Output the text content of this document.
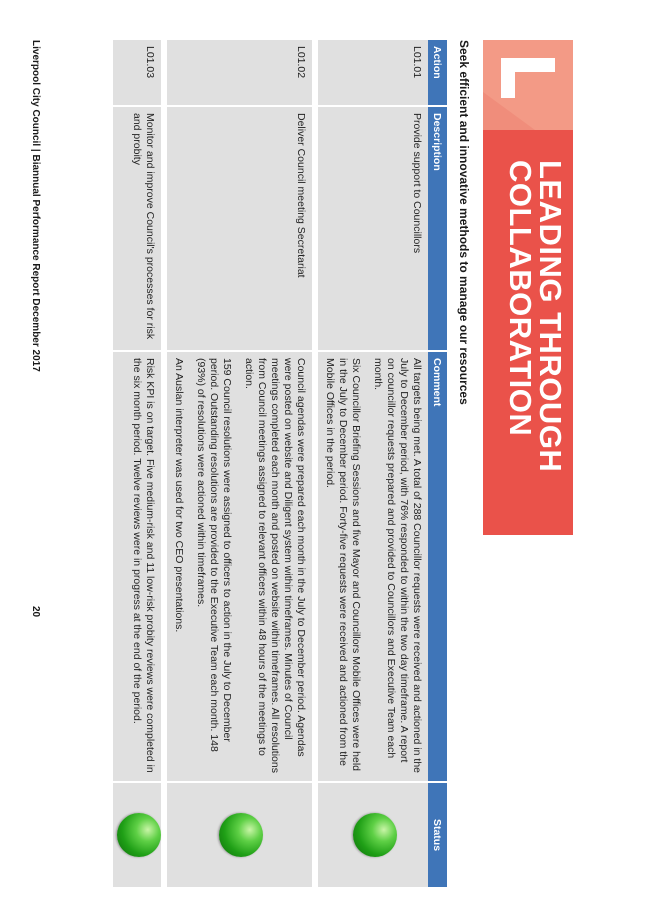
LEADING THROUGH
COLLABORATION
Seek efficient and innovative methods to manage our resources
Action	Description	Comment	Status
L01.01	Provide support to Councillors	All targets being met. A total of 288 Councillor requests were received and actioned in the July to December period, with 76% responded to within the two day timeframe. A report on councillor requests prepared and provided to Councillors and Executive Team each month.

Six Councillor Briefing Sessions and five Mayor and Councillors Mobile Offices were held in the July to December period. Forty-five requests were received and actioned from the Mobile Offices in the period.	

L01.02	Deliver Council meeting Secretariat	Council agendas were prepared each month in the July to December period. Agendas were posted on website and Diligent system within timeframes. Minutes of Council meetings completed each month and posted on website within timeframes. All resolutions from Council meetings assigned to relevant officers within 48 hours of the meetings to action.

159 Council resolutions were assigned to officers to action in the July to December period. Outstanding resolutions are provided to the Executive Team each month. 148 (93%) of resolutions were actioned within timeframes.

An Auslan interpreter was used for two CEO presentations.	

L01.03	Monitor and improve Council's processes for risk and probity	Risk KPI is on target. Five medium-risk and 11 low-risk probity reviews were completed in the six month period. Twelve reviews were in progress at the end of the period.	

Liverpool City Council | Biannual Performance Report December 2017
20
